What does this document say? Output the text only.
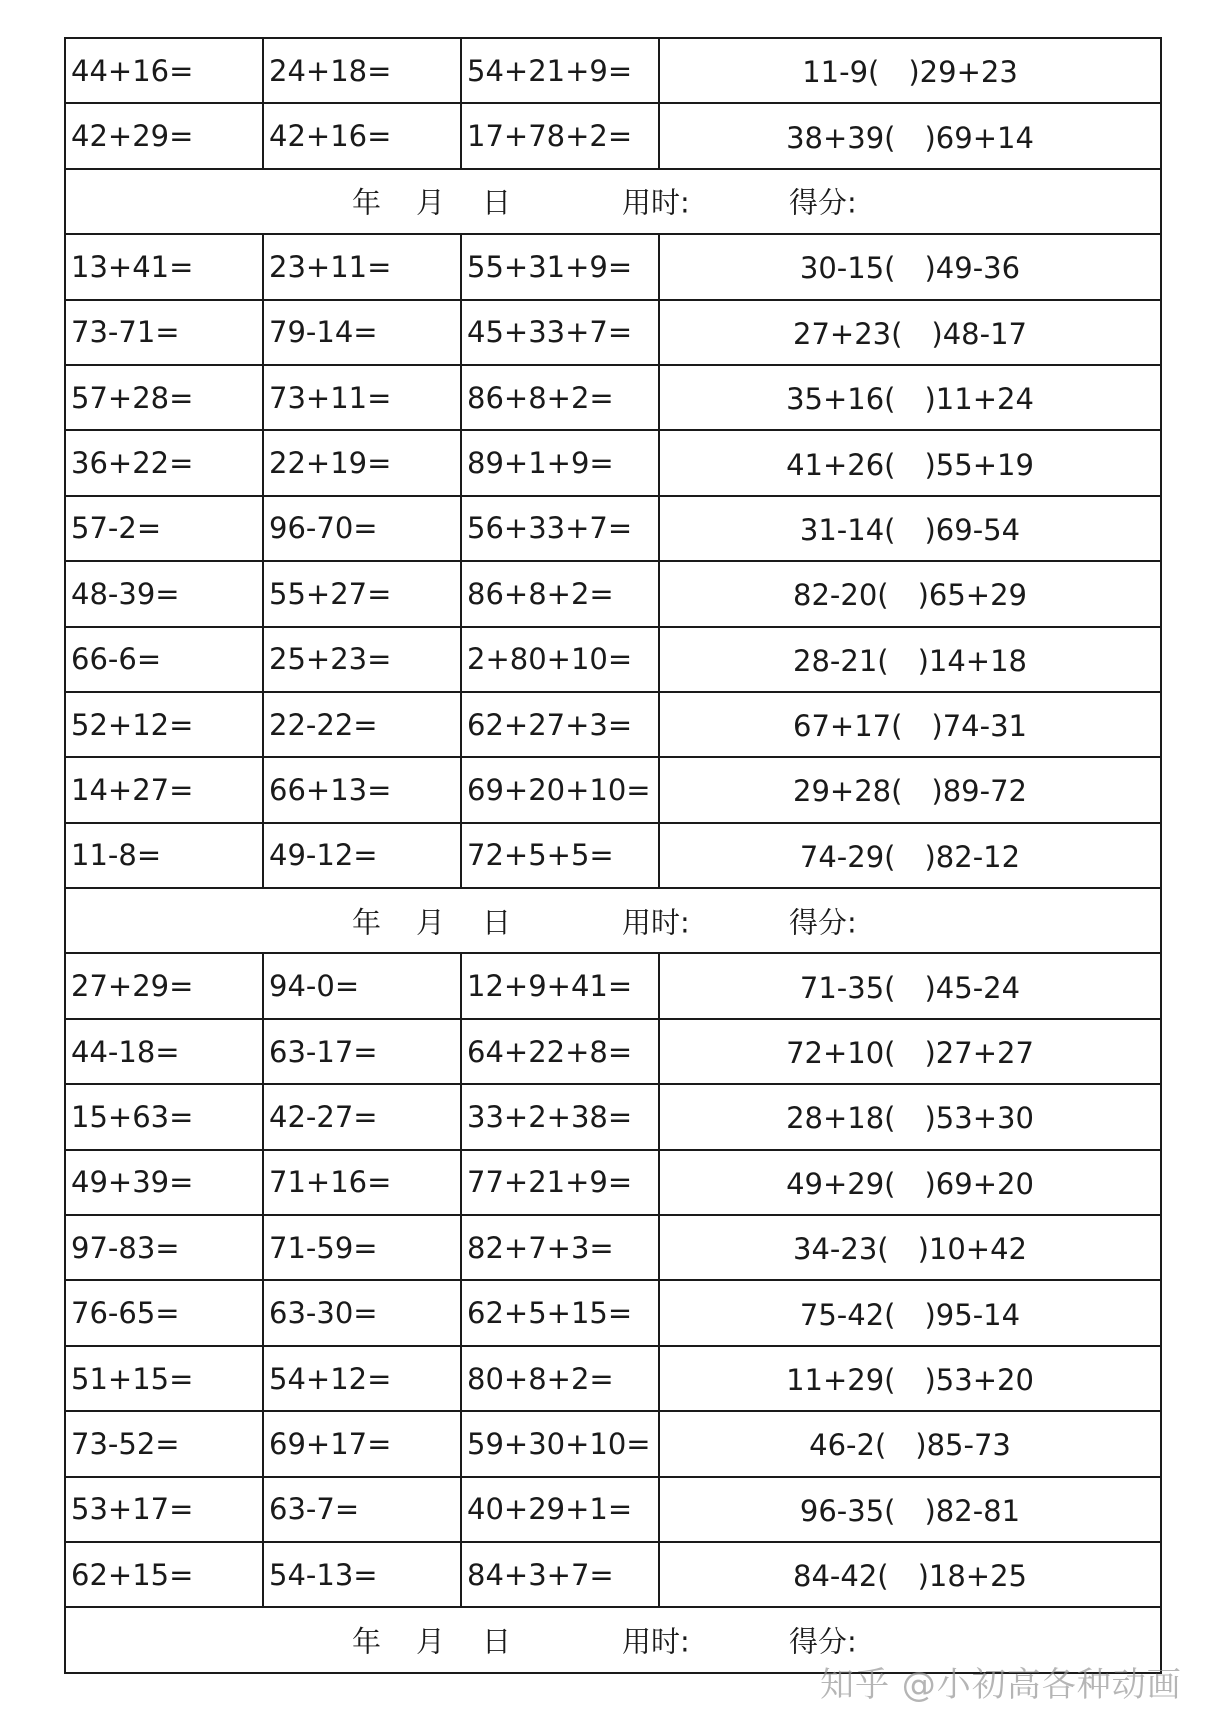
44+16=	24+18=	54+21+9=	11-9(　)29+23
42+29=	42+16=	17+78+2=	38+39(　)69+14

年 月 日 用时: 得分:			

13+41=	23+11=	55+31+9=	30-15(　)49-36
73-71=	79-14=	45+33+7=	27+23(　)48-17
57+28=	73+11=	86+8+2=	35+16(　)11+24
36+22=	22+19=	89+1+9=	41+26(　)55+19
57-2=	96-70=	56+33+7=	31-14(　)69-54
48-39=	55+27=	86+8+2=	82-20(　)65+29
66-6=	25+23=	2+80+10=	28-21(　)14+18
52+12=	22-22=	62+27+3=	67+17(　)74-31
14+27=	66+13=	69+20+10=	29+28(　)89-72
11-8=	49-12=	72+5+5=	74-29(　)82-12

年 月 日 用时: 得分:			

27+29=	94-0=	12+9+41=	71-35(　)45-24
44-18=	63-17=	64+22+8=	72+10(　)27+27
15+63=	42-27=	33+2+38=	28+18(　)53+30
49+39=	71+16=	77+21+9=	49+29(　)69+20
97-83=	71-59=	82+7+3=	34-23(　)10+42
76-65=	63-30=	62+5+15=	75-42(　)95-14
51+15=	54+12=	80+8+2=	11+29(　)53+20
73-52=	69+17=	59+30+10=	46-2(　)85-73
53+17=	63-7=	40+29+1=	96-35(　)82-81
62+15=	54-13=	84+3+7=	84-42(　)18+25

年 月 日 用时: 得分:			
知乎 @小初高各种动画
